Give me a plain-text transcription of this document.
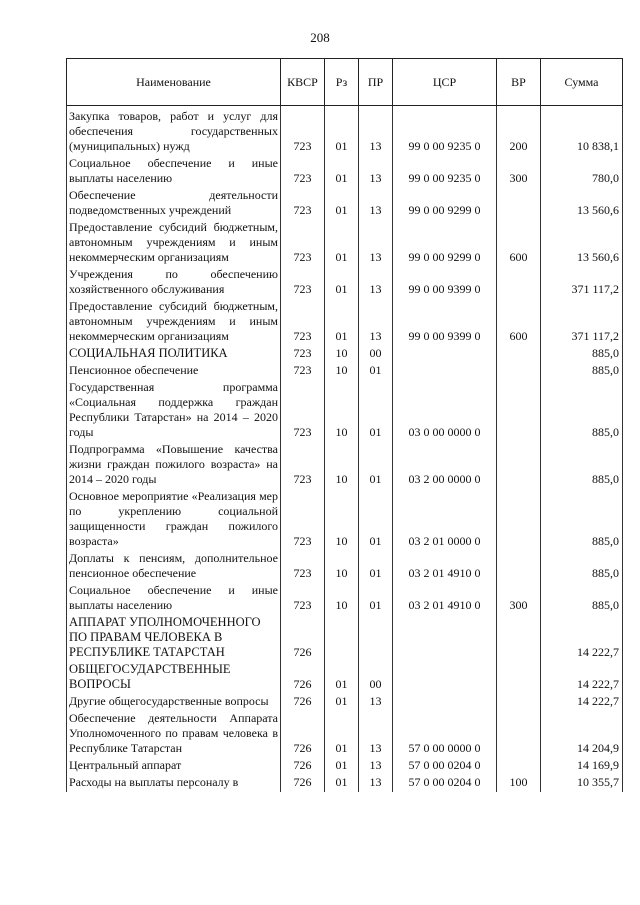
208
Наименование	КВСР	Рз	ПР	ЦСР	ВР	Сумма
Закупка товаров, работ и услуг для обеспечения государственных (муниципальных) нужд	723	01	13	99 0 00 9235 0	200	10 838,1
Социальное обеспечение и иные выплаты населению	723	01	13	99 0 00 9235 0	300	780,0
Обеспечение деятельности подведомственных учреждений	723	01	13	99 0 00 9299 0		13 560,6
Предоставление субсидий бюджетным, автономным учреждениям и иным некоммерческим организациям	723	01	13	99 0 00 9299 0	600	13 560,6
Учреждения по обеспечению хозяйственного обслуживания	723	01	13	99 0 00 9399 0		371 117,2
Предоставление субсидий бюджетным, автономным учреждениям и иным некоммерческим организациям	723	01	13	99 0 00 9399 0	600	371 117,2
СОЦИАЛЬНАЯ ПОЛИТИКА	723	10	00			885,0
Пенсионное обеспечение	723	10	01			885,0
Государственная программа «Социальная поддержка граждан Республики Татарстан» на 2014 – 2020 годы	723	10	01	03 0 00 0000 0		885,0
Подпрограмма «Повышение качества жизни граждан пожилого возраста» на 2014 – 2020 годы	723	10	01	03 2 00 0000 0		885,0
Основное мероприятие «Реализация мер по укреплению социальной защищенности граждан пожилого возраста»	723	10	01	03 2 01 0000 0		885,0
Доплаты к пенсиям, дополнительное пенсионное обеспечение	723	10	01	03 2 01 4910 0		885,0
Социальное обеспечение и иные выплаты населению	723	10	01	03 2 01 4910 0	300	885,0
АППАРАТ УПОЛНОМОЧЕННОГО ПО ПРАВАМ ЧЕЛОВЕКА В РЕСПУБЛИКЕ ТАТАРСТАН	726					14 222,7
ОБЩЕГОСУДАРСТВЕННЫЕ ВОПРОСЫ	726	01	00			14 222,7
Другие общегосударственные вопросы	726	01	13			14 222,7
Обеспечение деятельности Аппарата Уполномоченного по правам человека в Республике Татарстан	726	01	13	57 0 00 0000 0		14 204,9
Центральный аппарат	726	01	13	57 0 00 0204 0		14 169,9
Расходы на выплаты персоналу в	726	01	13	57 0 00 0204 0	100	10 355,7
